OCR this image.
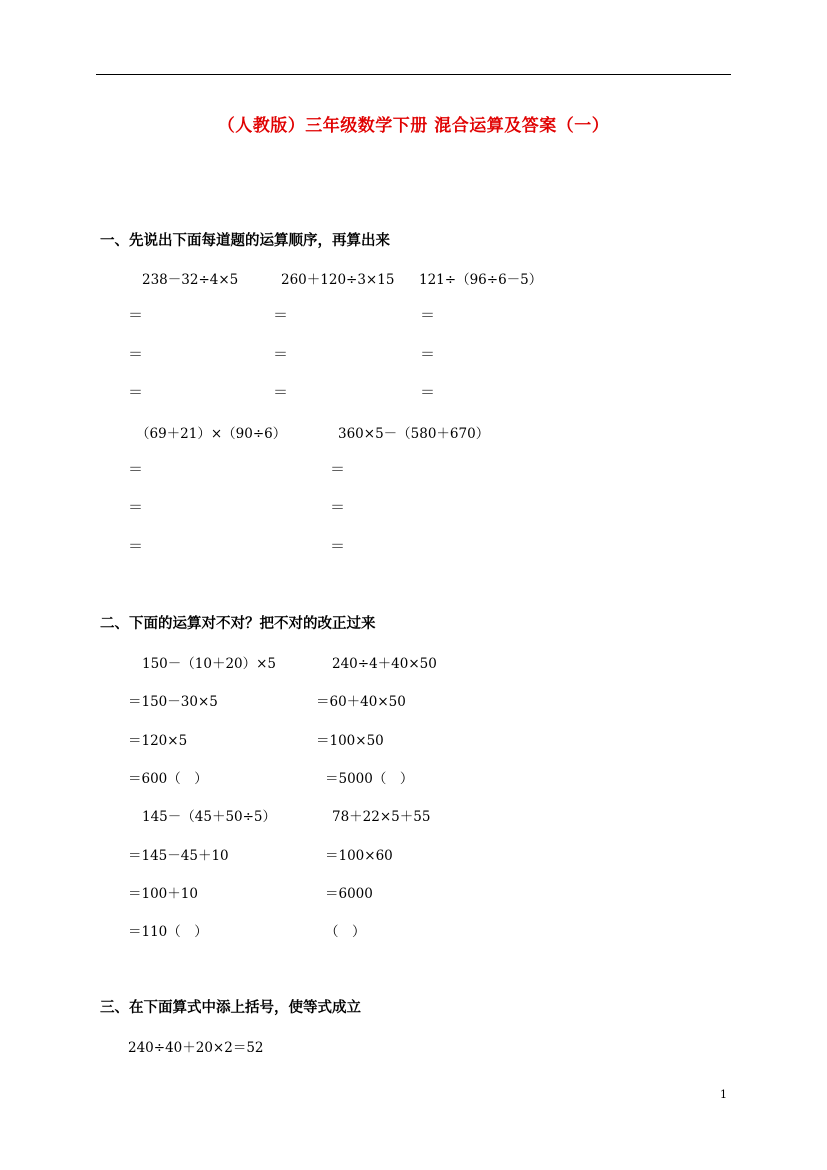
（人教版）三年级数学下册 混合运算及答案（一）
一、先说出下面每道题的运算顺序，再算出来
238－32÷4×5	260＋120÷3×15 121÷（96÷6－5）
＝	＝	＝
＝	＝	＝
＝	＝	＝
（69＋21）×（90÷6）	360×5－（580＋670）
＝	＝
＝	＝
＝	＝
二、下面的运算对不对？把不对的改正过来
150－（10＋20）×5
＝150－30×5
＝120×5
＝600（　）
240÷4＋40×50
＝60＋40×50
＝100×50
＝5000（　）
145－（45＋50÷5）
＝145－45＋10
＝100＋10
＝110（　）
78＋22×5＋55
＝100×60
＝6000
（　）
三、在下面算式中添上括号，使等式成立
240÷40＋20×2＝52
1
